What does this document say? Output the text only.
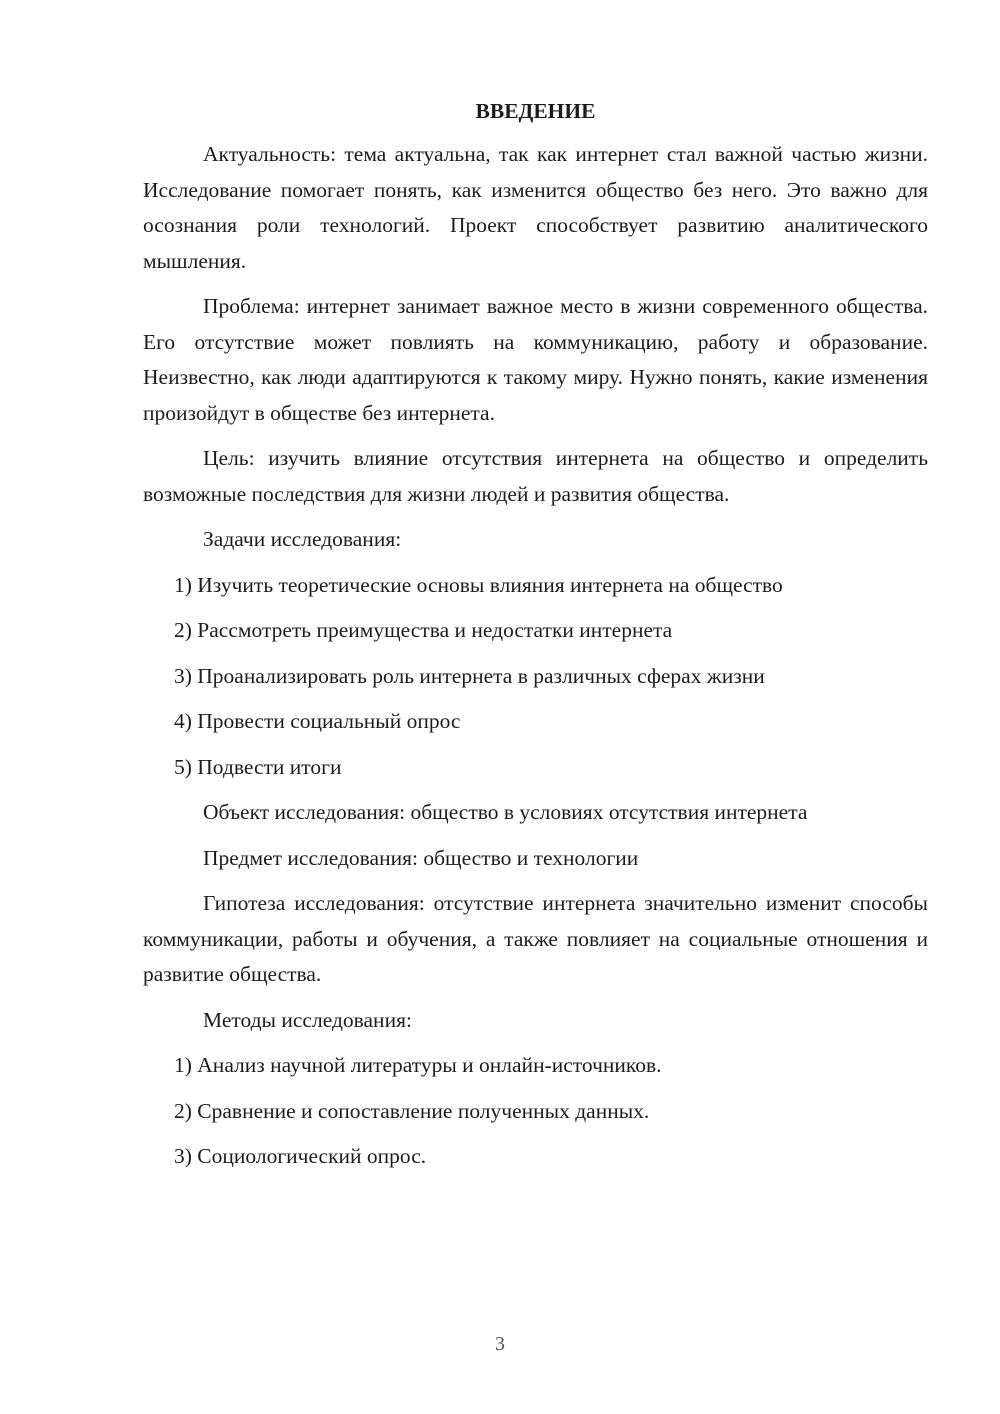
ВВЕДЕНИЕ

Актуальность: тема актуальна, так как интернет стал важной частью жизни. Исследование помогает понять, как изменится общество без него. Это важно для осознания роли технологий. Проект способствует развитию аналитического мышления.

Проблема: интернет занимает важное место в жизни современного общества. Его отсутствие может повлиять на коммуникацию, работу и образование. Неизвестно, как люди адаптируются к такому миру. Нужно понять, какие изменения произойдут в обществе без интернета.

Цель: изучить влияние отсутствия интернета на общество и определить возможные последствия для жизни людей и развития общества.

Задачи исследования:
1) Изучить теоретические основы влияния интернета на общество
2) Рассмотреть преимущества и недостатки интернета
3) Проанализировать роль интернета в различных сферах жизни
4) Провести социальный опрос
5) Подвести итоги
Объект исследования: общество в условиях отсутствия интернета
Предмет исследования: общество и технологии

Гипотеза исследования: отсутствие интернета значительно изменит способы коммуникации, работы и обучения, а также повлияет на социальные отношения и развитие общества.

Методы исследования:
1) Анализ научной литературы и онлайн-источников.
2) Сравнение и сопоставление полученных данных.
3) Социологический опрос.
3
